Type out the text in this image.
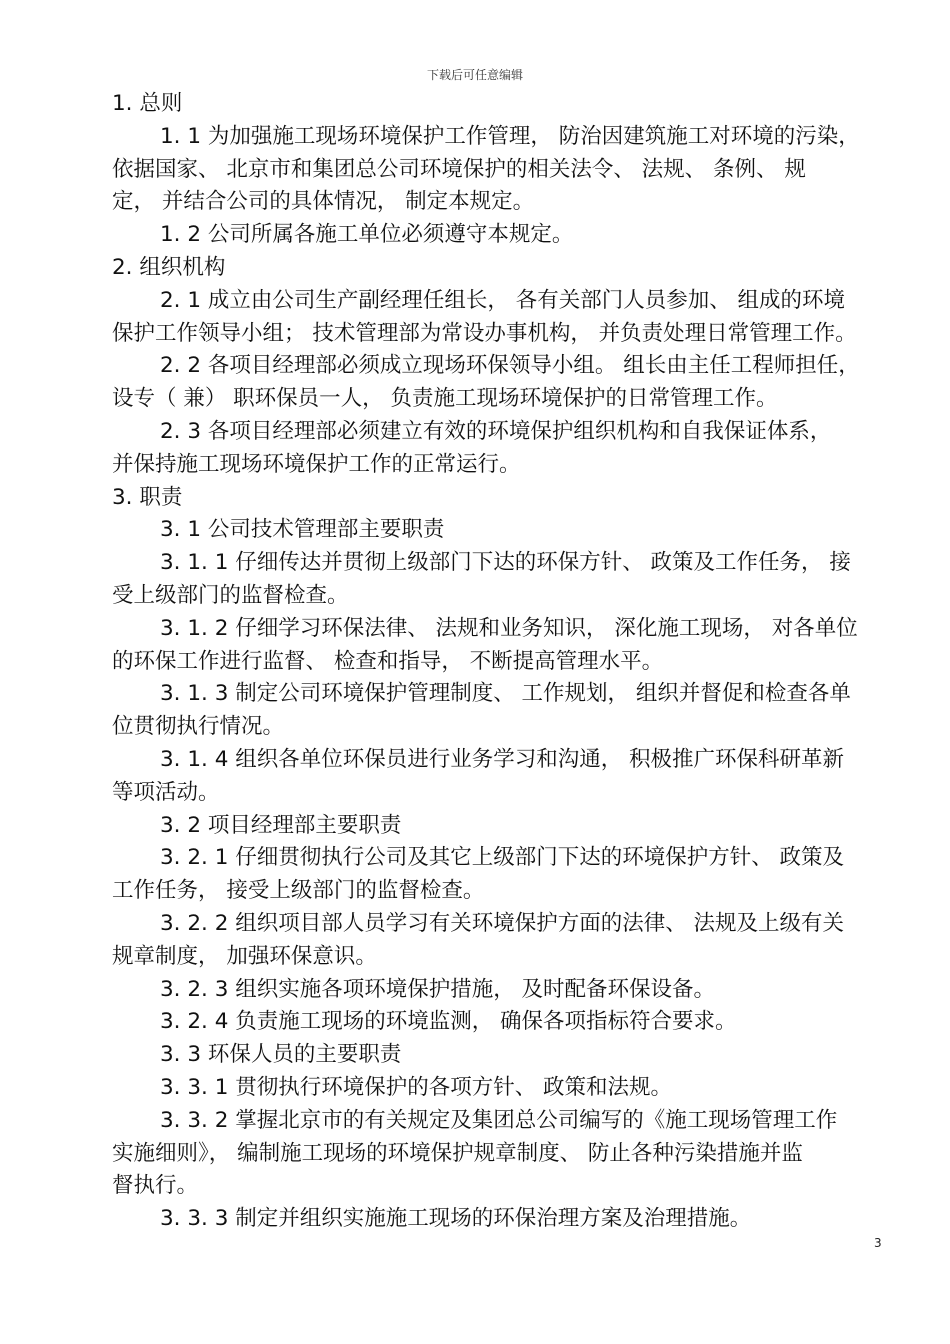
下载后可任意编辑

1. 总则

1. 1 为加强施工现场环境保护工作管理， 防治因建筑施工对环境的污染，

依据国家、 北京市和集团总公司环境保护的相关法令、 法规、 条例、 规

定， 并结合公司的具体情况， 制定本规定。

1. 2 公司所属各施工单位必须遵守本规定。

2. 组织机构

2. 1 成立由公司生产副经理任组长， 各有关部门人员参加、 组成的环境

保护工作领导小组； 技术管理部为常设办事机构， 并负责处理日常管理工作。

2. 2 各项目经理部必须成立现场环保领导小组。 组长由主任工程师担任，

设专（ 兼） 职环保员一人， 负责施工现场环境保护的日常管理工作。

2. 3 各项目经理部必须建立有效的环境保护组织机构和自我保证体系，

并保持施工现场环境保护工作的正常运行。

3. 职责

3. 1 公司技术管理部主要职责

3. 1. 1 仔细传达并贯彻上级部门下达的环保方针、 政策及工作任务， 接

受上级部门的监督检查。

3. 1. 2 仔细学习环保法律、 法规和业务知识， 深化施工现场， 对各单位

的环保工作进行监督、 检查和指导， 不断提高管理水平。

3. 1. 3 制定公司环境保护管理制度、 工作规划， 组织并督促和检查各单

位贯彻执行情况。

3. 1. 4 组织各单位环保员进行业务学习和沟通， 积极推广环保科研革新

等项活动。

3. 2 项目经理部主要职责

3. 2. 1 仔细贯彻执行公司及其它上级部门下达的环境保护方针、 政策及

工作任务， 接受上级部门的监督检查。

3. 2. 2 组织项目部人员学习有关环境保护方面的法律、 法规及上级有关

规章制度， 加强环保意识。

3. 2. 3 组织实施各项环境保护措施， 及时配备环保设备。

3. 2. 4 负责施工现场的环境监测， 确保各项指标符合要求。

3. 3 环保人员的主要职责

3. 3. 1 贯彻执行环境保护的各项方针、 政策和法规。

3. 3. 2 掌握北京市的有关规定及集团总公司编写的《施工现场管理工作

实施细则》， 编制施工现场的环境保护规章制度、 防止各种污染措施并监

督执行。

3. 3. 3 制定并组织实施施工现场的环保治理方案及治理措施。

3
